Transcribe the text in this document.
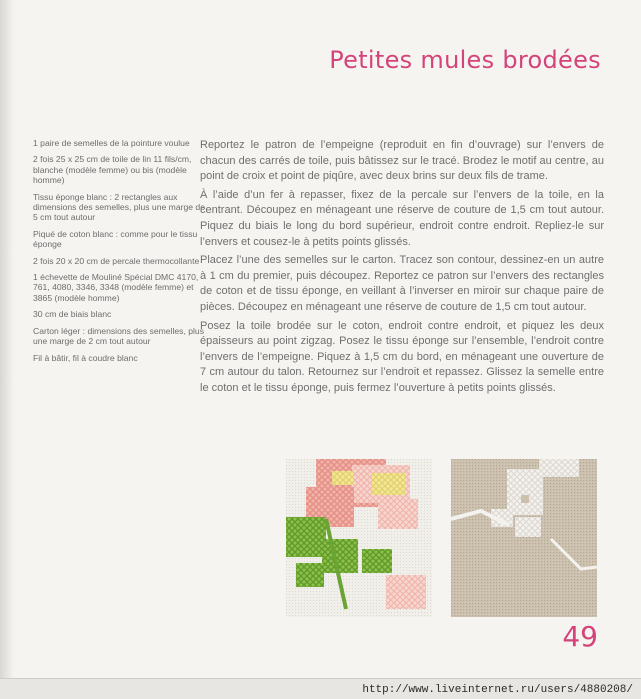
Petites mules brodées
1 paire de semelles de la pointure voulue
2 fois 25 x 25 cm de toile de lin 11 fils/cm, blanche (modèle femme) ou bis (modèle homme)
Tissu éponge blanc : 2 rectangles aux dimensions des semelles, plus une marge de 5 cm tout autour
Piqué de coton blanc : comme pour le tissu éponge
2 fois 20 x 20 cm de percale thermocollante
1 échevette de Mouliné Spécial DMC 4170, 761, 4080, 3346, 3348 (modèle femme) et 3865 (modèle homme)
30 cm de biais blanc
Carton léger : dimensions des semelles, plus une marge de 2 cm tout autour
Fil à bâtir, fil à coudre blanc

Reportez le patron de l’empeigne (reproduit en fin d’ouvrage) sur l’envers de chacun des carrés de toile, puis bâtissez sur le tracé. Brodez le motif au centre, au point de croix et point de piqûre, avec deux brins sur deux fils de trame.

À l’aide d’un fer à repasser, fixez de la percale sur l’envers de la toile, en la centrant. Découpez en ménageant une réserve de couture de 1,5 cm tout autour. Piquez du biais le long du bord supérieur, endroit contre endroit. Repliez-le sur l’envers et cousez-le à petits points glissés.

Placez l’une des semelles sur le carton. Tracez son contour, dessinez-en un autre à 1 cm du premier, puis découpez. Reportez ce patron sur l’envers des rectangles de coton et de tissu éponge, en veillant à l’inverser en miroir sur chaque paire de pièces. Découpez en ménageant une réserve de couture de 1,5 cm tout autour.

Posez la toile brodée sur le coton, endroit contre endroit, et piquez les deux épaisseurs au point zigzag. Posez le tissu éponge sur l’ensemble, l’endroit contre l’envers de l’empeigne. Piquez à 1,5 cm du bord, en ménageant une ouverture de 7 cm autour du talon. Retournez sur l’endroit et repassez. Glissez la semelle entre le coton et le tissu éponge, puis fermez l’ouverture à petits points glissés.

49
http://www.liveinternet.ru/users/4880208/
